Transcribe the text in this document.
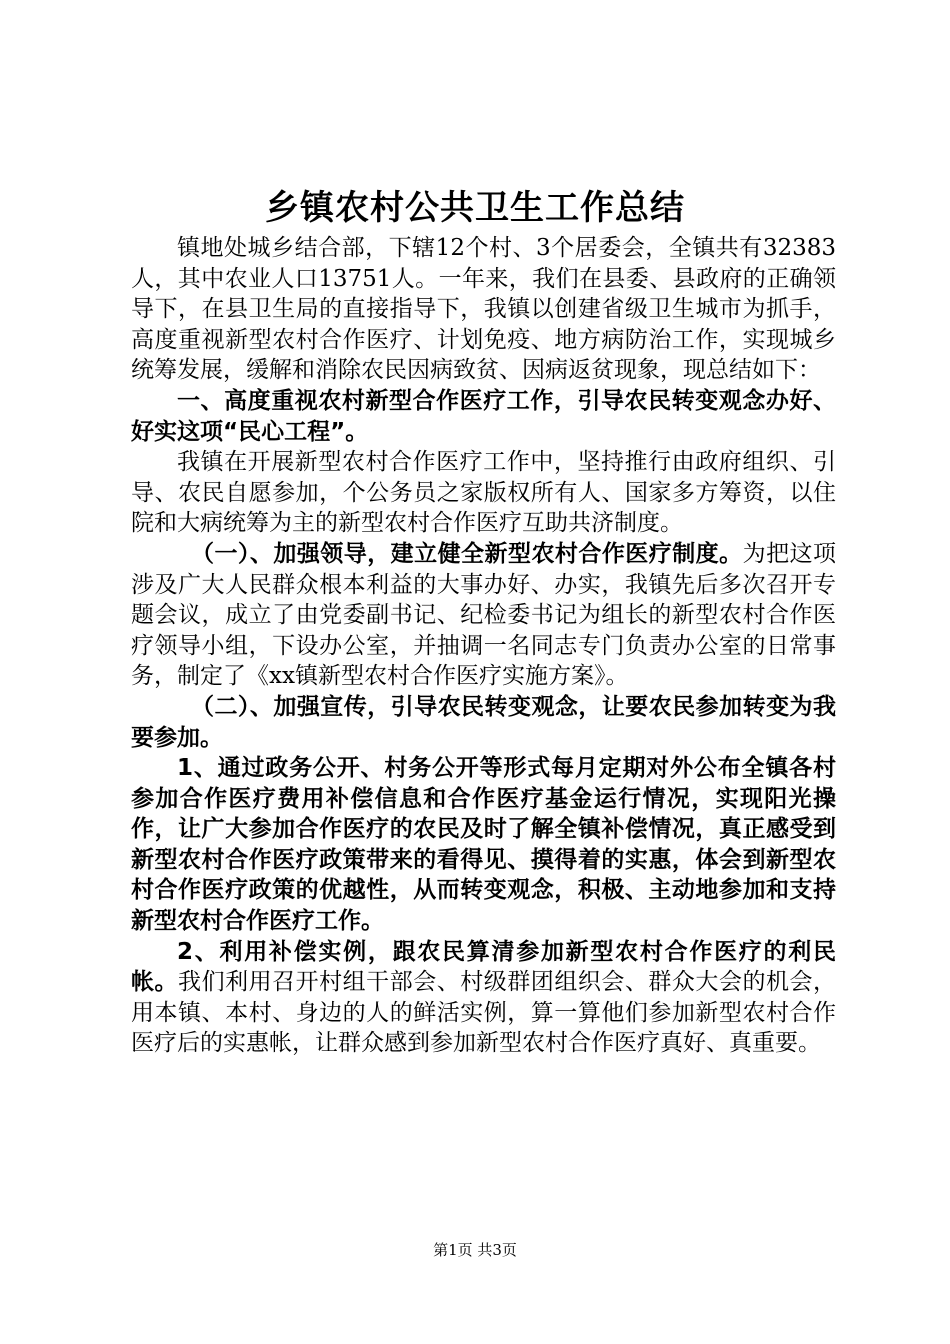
乡镇农村公共卫生工作总结

镇地处城乡结合部，下辖12个村、3个居委会，全镇共有32383人，其中农业人口13751人。一年来，我们在县委、县政府的正确领导下，在县卫生局的直接指导下，我镇以创建省级卫生城市为抓手，高度重视新型农村合作医疗、计划免疫、地方病防治工作，实现城乡统筹发展，缓解和消除农民因病致贫、因病返贫现象，现总结如下：

一、高度重视农村新型合作医疗工作，引导农民转变观念办好、好实这项“民心工程”。

我镇在开展新型农村合作医疗工作中，坚持推行由政府组织、引导、农民自愿参加，个公务员之家版权所有人、国家多方筹资，以住院和大病统筹为主的新型农村合作医疗互助共济制度。

（一）、加强领导，建立健全新型农村合作医疗制度。为把这项涉及广大人民群众根本利益的大事办好、办实，我镇先后多次召开专题会议，成立了由党委副书记、纪检委书记为组长的新型农村合作医疗领导小组，下设办公室，并抽调一名同志专门负责办公室的日常事务，制定了《xx镇新型农村合作医疗实施方案》。

（二）、加强宣传，引导农民转变观念，让要农民参加转变为我要参加。

1、通过政务公开、村务公开等形式每月定期对外公布全镇各村参加合作医疗费用补偿信息和合作医疗基金运行情况，实现阳光操作，让广大参加合作医疗的农民及时了解全镇补偿情况，真正感受到新型农村合作医疗政策带来的看得见、摸得着的实惠，体会到新型农村合作医疗政策的优越性，从而转变观念，积极、主动地参加和支持新型农村合作医疗工作。

2、利用补偿实例，跟农民算清参加新型农村合作医疗的利民帐。我们利用召开村组干部会、村级群团组织会、群众大会的机会，用本镇、本村、身边的人的鲜活实例，算一算他们参加新型农村合作医疗后的实惠帐，让群众感到参加新型农村合作医疗真好、真重要。

第1页 共3页
